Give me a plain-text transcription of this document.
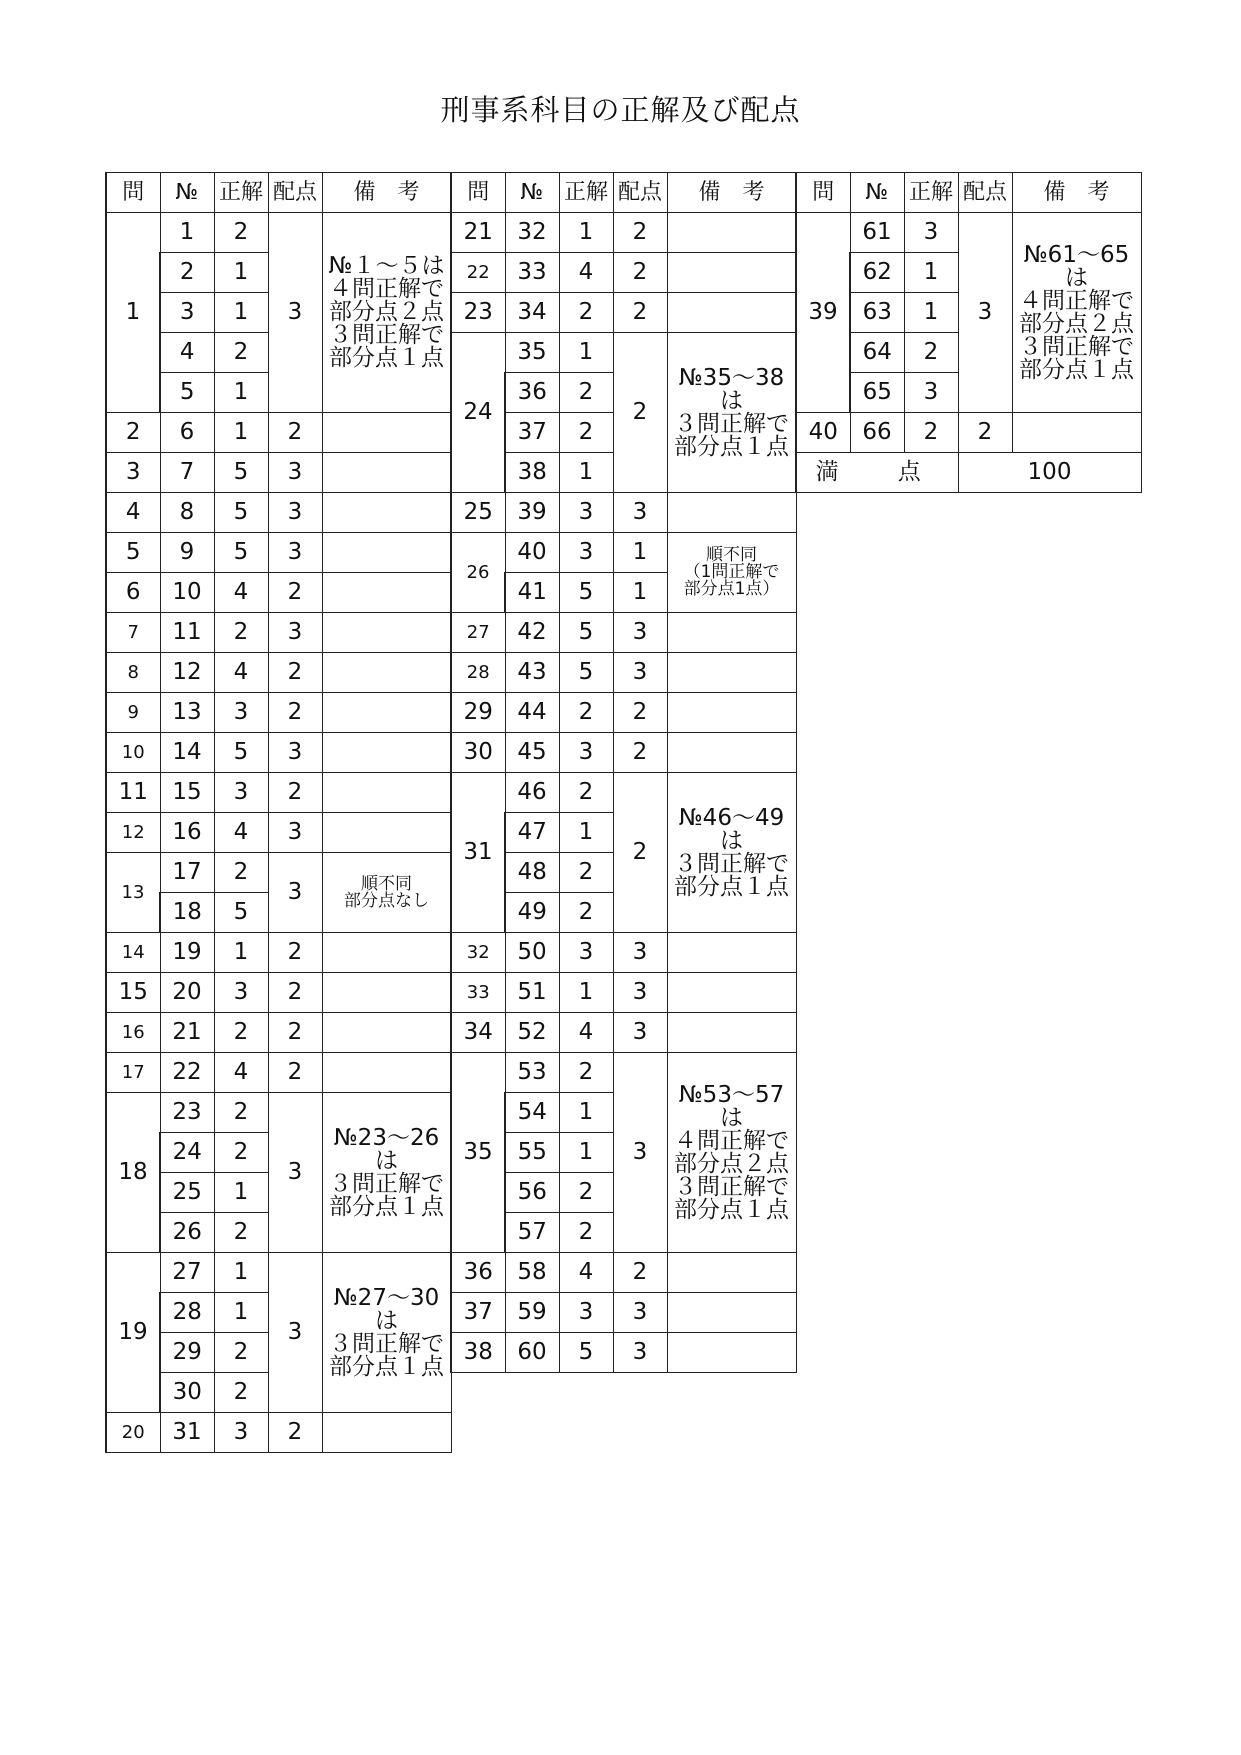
刑事系科目の正解及び配点
問	№	正解	配点	備　考
1	1	2	3	№１～５は
４問正解で
部分点２点
３問正解で
部分点１点
	2	1		
	3	1		
	4	2		
	5	1		
2	6	1	2	
3	7	5	3	
4	8	5	3	
5	9	5	3	
6	10	4	2	
7	11	2	3	
8	12	4	2	
9	13	3	2	
10	14	5	3	
11	15	3	2	
12	16	4	3	
13	17	2	3	順不同
部分点なし
	18	5		
14	19	1	2	
15	20	3	2	
16	21	2	2	
17	22	4	2	
18	23	2	3	№23～26は
３問正解で
部分点１点
	24	2		
	25	1		
	26	2		
19	27	1	3	№27～30は
３問正解で
部分点１点
	28	1		
	29	2		
	30	2		
20	31	3	2	
問	№	正解	配点	備　考
21	32	1	2	
22	33	4	2	
23	34	2	2	
24	35	1	2	№35～38は
３問正解で
部分点１点
	36	2		
	37	2		
	38	1		
25	39	3	3	
26	40	3	1	順不同
（1問正解で
部分点1点）
	41	5	1	
27	42	5	3	
28	43	5	3	
29	44	2	2	
30	45	3	2	
31	46	2	2	№46～49は
３問正解で
部分点１点
	47	1		
	48	2		
	49	2		
32	50	3	3	
33	51	1	3	
34	52	4	3	
35	53	2	3	№53～57は
４問正解で
部分点２点
３問正解で
部分点１点
	54	1		
	55	1		
	56	2		
	57	2		
36	58	4	2	
37	59	3	3	
38	60	5	3	
問	№	正解	配点	備　考
39	61	3	3	№61～65は
４問正解で
部分点２点
３問正解で
部分点１点
	62	1		
	63	1		
	64	2		
	65	3		
40	66	2	2	
満　点			100	
